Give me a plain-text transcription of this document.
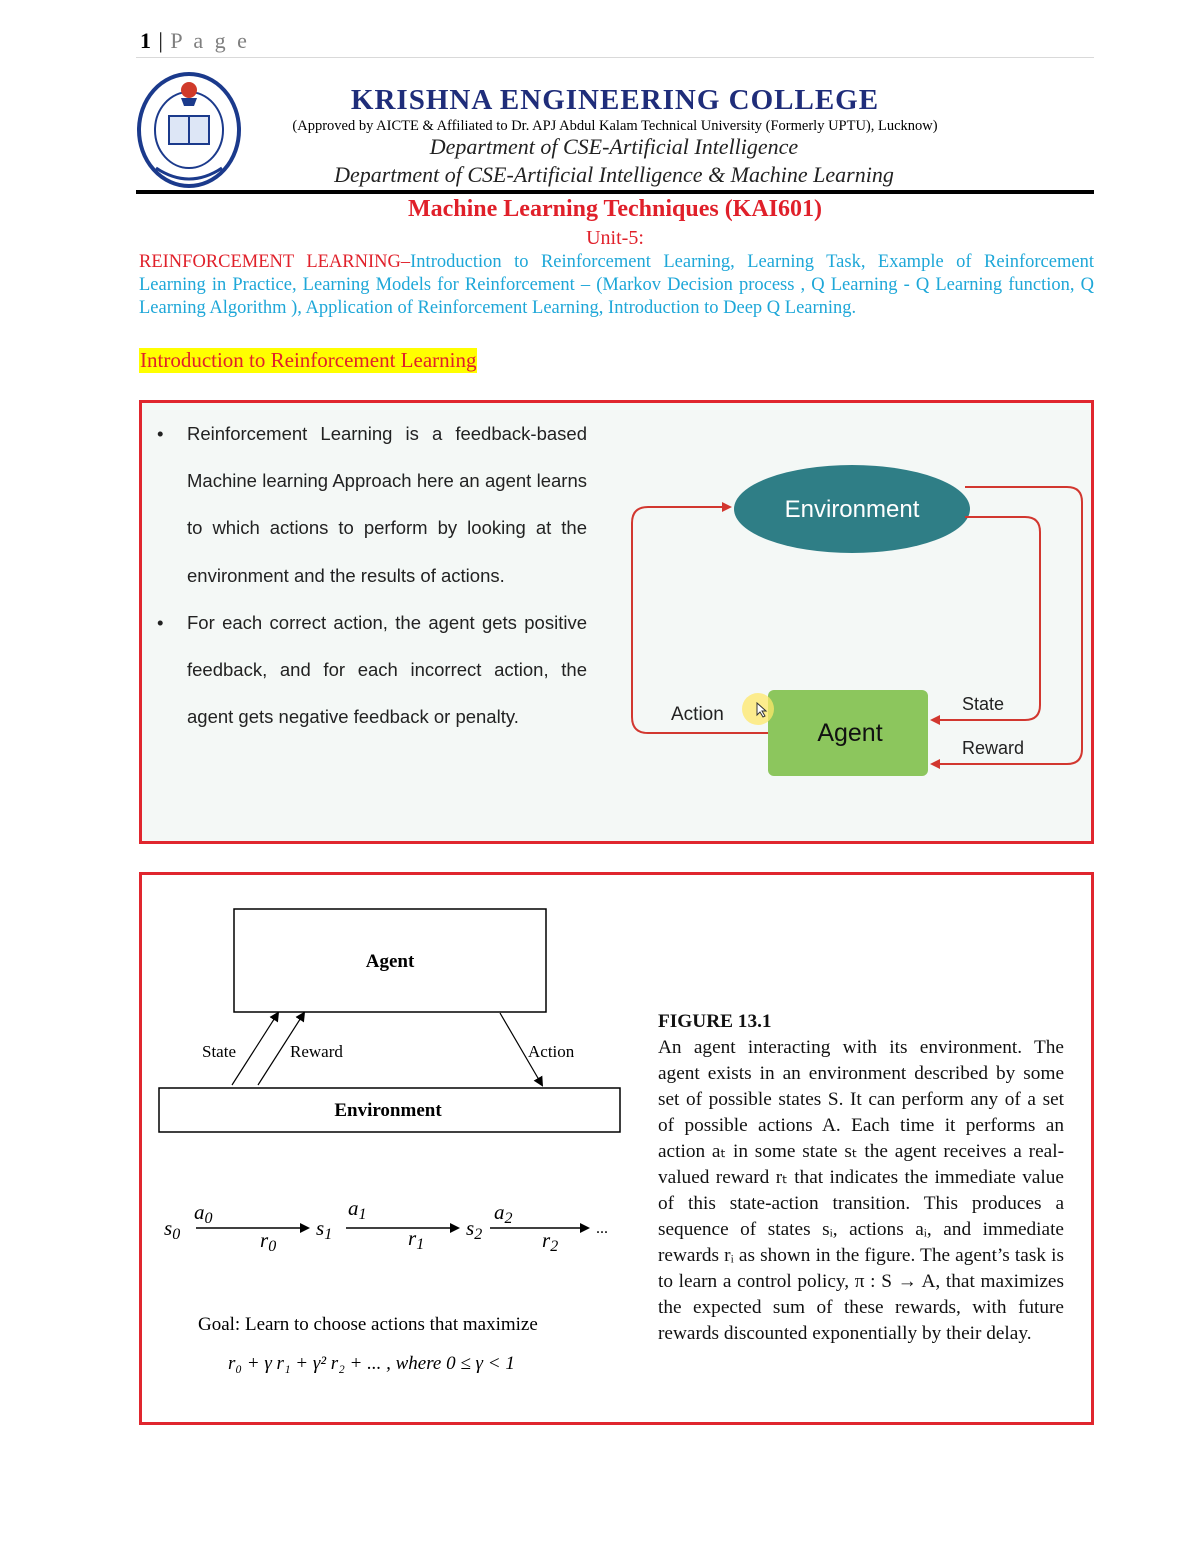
1 | P a g e
KRISHNA ENGINEERING COLLEGE
(Approved by AICTE & Affiliated to Dr. APJ Abdul Kalam Technical University (Formerly UPTU), Lucknow)
Department of CSE-Artificial Intelligence
Department of CSE-Artificial Intelligence & Machine Learning
Machine Learning Techniques (KAI601)
Unit-5:
REINFORCEMENT LEARNING–Introduction to Reinforcement Learning, Learning Task, Example of Reinforcement Learning in Practice, Learning Models for Reinforcement – (Markov Decision process , Q Learning - Q Learning function, Q Learning Algorithm ), Application of Reinforcement Learning, Introduction to Deep Q Learning.
Introduction to Reinforcement Learning
• Reinforcement Learning is a feedback-based Machine learning Approach here an agent learns to which actions to perform by looking at the environment and the results of actions.
• For each correct action, the agent gets positive feedback, and for each incorrect action, the agent gets negative feedback or penalty.
Environment
Agent
Action	State
Reward
Agent
Environment
State	Reward	Action
s0
a0
r0
s1
a1
r1
s2
a2
r2
...
Goal: Learn to choose actions that maximize
r₀ + γ r₁ + γ² r₂ + ... , where 0 ≤ γ < 1
FIGURE 13.1
An agent interacting with its environment. The agent exists in an environment described by some set of possible states S. It can perform any of a set of possible actions A. Each time it performs an action aₜ in some state sₜ the agent receives a real-valued reward rₜ that indicates the immediate value of this state-action transition. This produces a sequence of states sᵢ, actions aᵢ, and immediate rewards rᵢ as shown in the figure. The agent’s task is to learn a control policy, π : S → A, that maximizes the expected sum of these rewards, with future rewards discounted exponentially by their delay.
